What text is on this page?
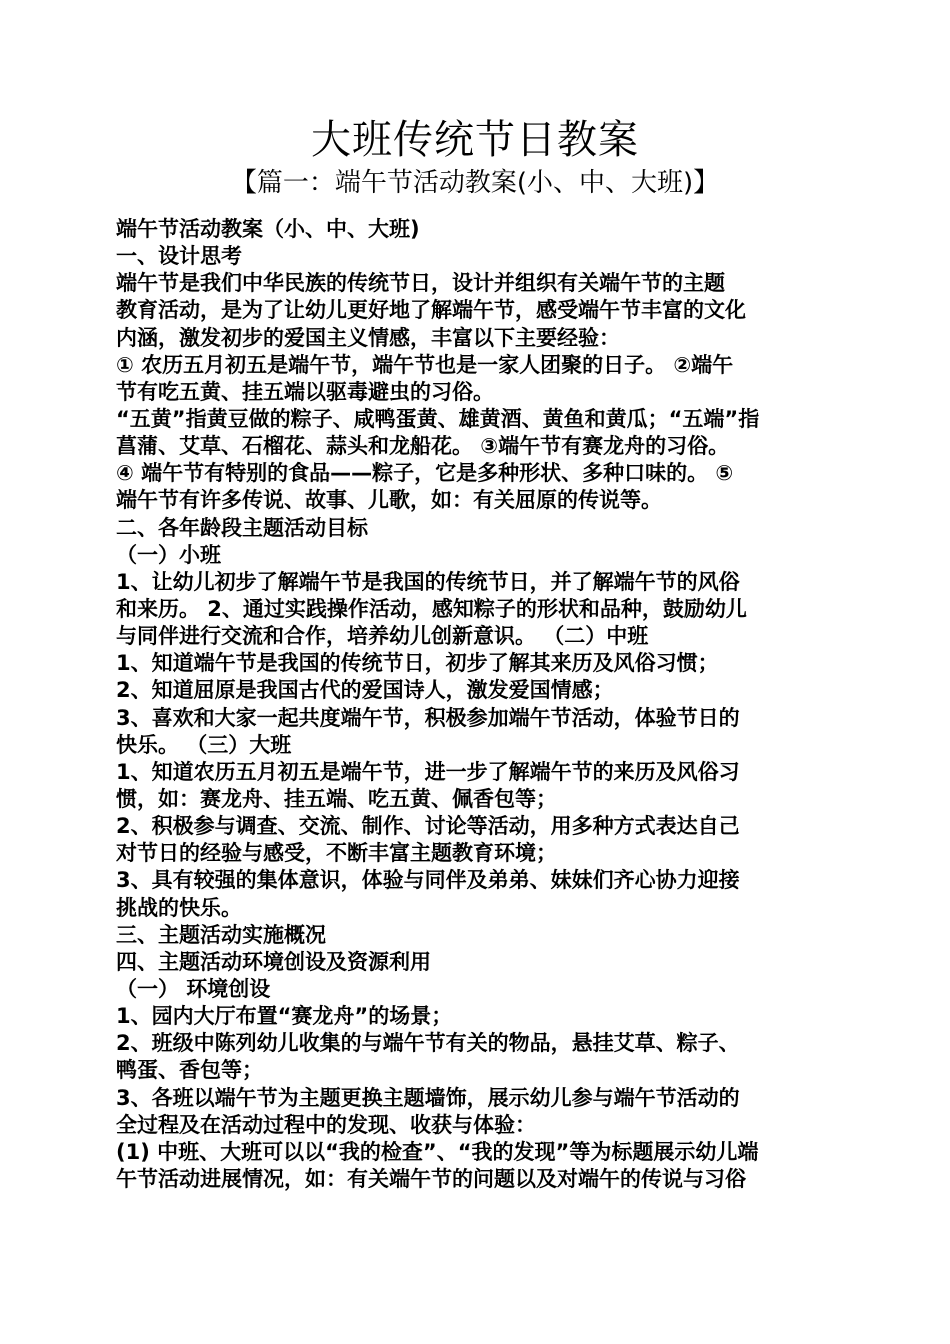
大班传统节日教案
【篇一：端午节活动教案(小、中、大班)】
端午节活动教案（小、中、大班)
一、设计思考
端午节是我们中华民族的传统节日，设计并组织有关端午节的主题
教育活动，是为了让幼儿更好地了解端午节，感受端午节丰富的文化
内涵，激发初步的爱国主义情感，丰富以下主要经验：
① 农历五月初五是端午节，端午节也是一家人团聚的日子。 ②端午
节有吃五黄、挂五端以驱毒避虫的习俗。
“五黄”指黄豆做的粽子、咸鸭蛋黄、雄黄酒、黄鱼和黄瓜；“五端”指
菖蒲、艾草、石榴花、蒜头和龙船花。 ③端午节有赛龙舟的习俗。
④ 端午节有特别的食品——粽子，它是多种形状、多种口味的。 ⑤
端午节有许多传说、故事、儿歌，如：有关屈原的传说等。
二、各年龄段主题活动目标
（一）小班
1、让幼儿初步了解端午节是我国的传统节日，并了解端午节的风俗
和来历。 2、通过实践操作活动，感知粽子的形状和品种，鼓励幼儿
与同伴进行交流和合作，培养幼儿创新意识。 （二）中班
1、知道端午节是我国的传统节日，初步了解其来历及风俗习惯；
2、知道屈原是我国古代的爱国诗人，激发爱国情感；
3、喜欢和大家一起共度端午节，积极参加端午节活动，体验节日的
快乐。 （三）大班
1、知道农历五月初五是端午节，进一步了解端午节的来历及风俗习
惯，如：赛龙舟、挂五端、吃五黄、佩香包等；
2、积极参与调查、交流、制作、讨论等活动，用多种方式表达自己
对节日的经验与感受，不断丰富主题教育环境；
3、具有较强的集体意识，体验与同伴及弟弟、妹妹们齐心协力迎接
挑战的快乐。
三、主题活动实施概况
四、主题活动环境创设及资源利用
（一） 环境创设
1、园内大厅布置“赛龙舟”的场景；
2、班级中陈列幼儿收集的与端午节有关的物品，悬挂艾草、粽子、
鸭蛋、香包等；
3、各班以端午节为主题更换主题墙饰，展示幼儿参与端午节活动的
全过程及在活动过程中的发现、收获与体验：
(1) 中班、大班可以以“我的检查”、“我的发现”等为标题展示幼儿端
午节活动进展情况，如：有关端午节的问题以及对端午的传说与习俗
